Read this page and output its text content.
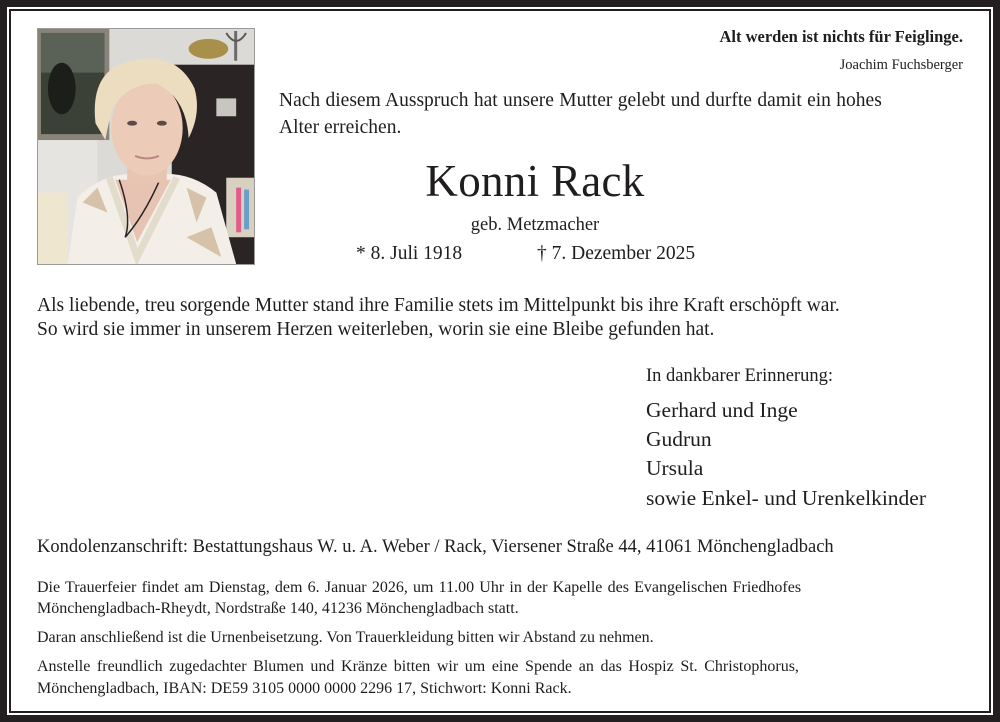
Alt werden ist nichts für Feiglinge.
Joachim Fuchsberger
Nach diesem Ausspruch hat unsere Mutter gelebt und durfte damit ein hohes
Alter erreichen.
Konni Rack
geb. Metzmacher
* 8. Juli 1918	† 7. Dezember 2025
Als liebende, treu sorgende Mutter stand ihre Familie stets im Mittelpunkt bis ihre Kraft erschöpft war.
So wird sie immer in unserem Herzen weiterleben, worin sie eine Bleibe gefunden hat.
In dankbarer Erinnerung:
Gerhard und Inge
Gudrun
Ursula
sowie Enkel- und Urenkelkinder
Kondolenzanschrift: Bestattungshaus W. u. A. Weber / Rack, Viersener Straße 44, 41061 Mönchengladbach
Die Trauerfeier findet am Dienstag, dem 6. Januar 2026, um 11.00 Uhr in der Kapelle des Evangelischen Friedhofes
Mönchengladbach-Rheydt, Nordstraße 140, 41236 Mönchengladbach statt.
Daran anschließend ist die Urnenbeisetzung. Von Trauerkleidung bitten wir Abstand zu nehmen.
Anstelle freundlich zugedachter Blumen und Kränze bitten wir um eine Spende an das Hospiz St. Christophorus,
Mönchengladbach, IBAN: DE59 3105 0000 0000 2296 17, Stichwort: Konni Rack.
